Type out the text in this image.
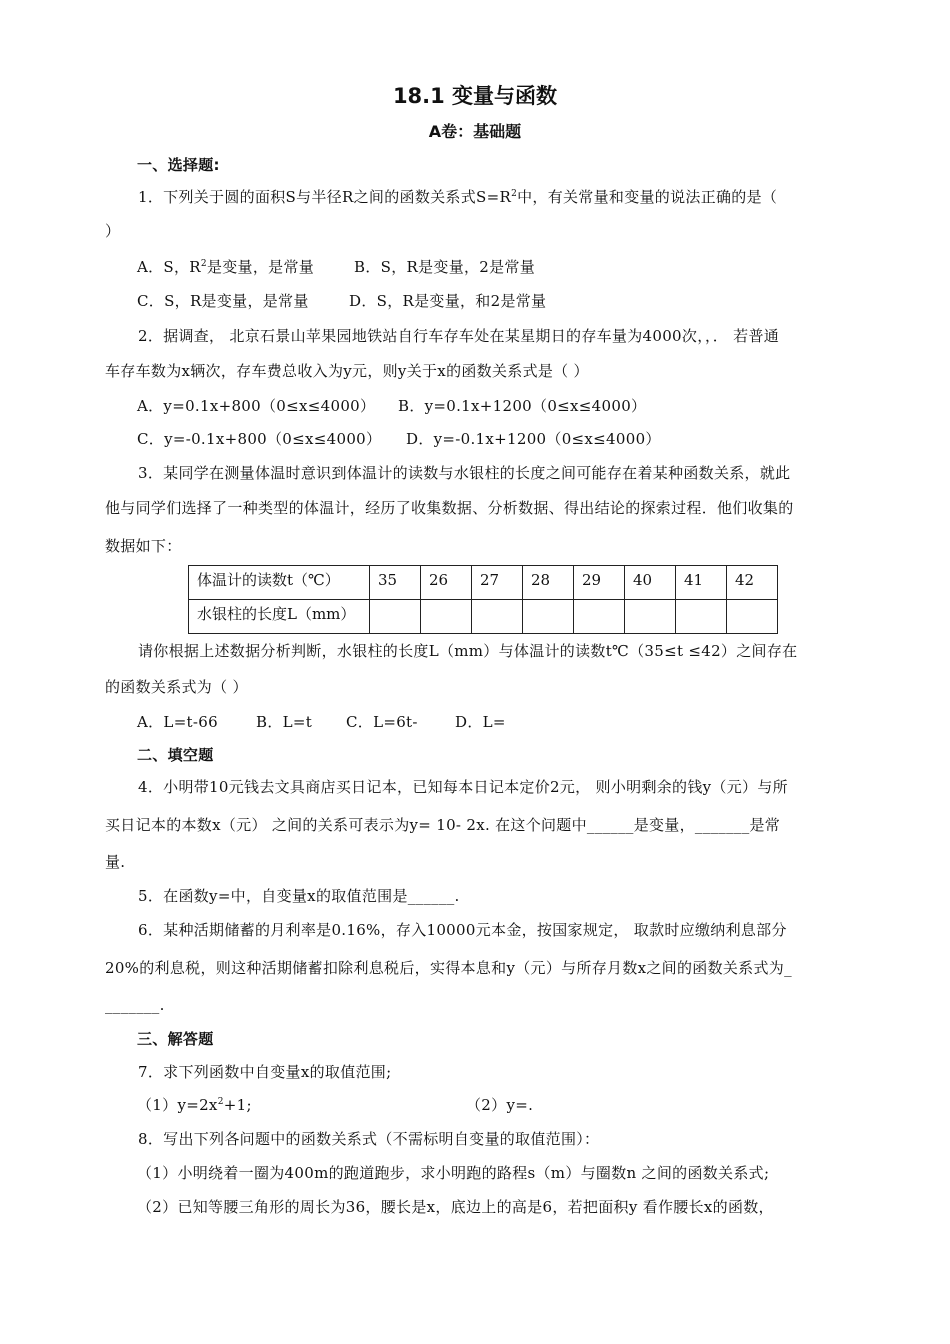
18.1 变量与函数
A卷：基础题
一、选择题:
1．下列关于圆的面积S与半径R之间的函数关系式$S=R^2$中，有关常量和变量的说法正确的是（
）
A．S，$R^2$是变量，是常量	B．S，R是变量，2是常量
C．S，R是变量，是常量	D．S，R是变量，和2是常量
2．据调查， 北京石景山苹果园地铁站自行车存车处在某星期日的存车量为4000次，，． 若普通
车存车数为x辆次，存车费总收入为y元，则y关于x的函数关系式是（ ）
A．y=0.1x+800（0≤x≤4000）	B．y=0.1x+1200（0≤x≤4000）
C．y=-0.1x+800（0≤x≤4000）	D．y=-0.1x+1200（0≤x≤4000）
3．某同学在测量体温时意识到体温计的读数与水银柱的长度之间可能存在着某种函数关系，就此
他与同学们选择了一种类型的体温计，经历了收集数据、分析数据、得出结论的探索过程．他们收集的
数据如下：
体温计的读数t（℃）	35	26	27	28	29	40	41	42
水银柱的长度L（mm）								
请你根据上述数据分析判断，水银柱的长度L（mm）与体温计的读数t℃（35≤t ≤42）之间存在
的函数关系式为（ ）
A．L=t-66	B．L=t	C．L=6t-	D．L=
二、填空题
4．小明带10元钱去文具商店买日记本，已知每本日记本定价2元， 则小明剩余的钱y（元）与所
买日记本的本数x（元） 之间的关系可表示为y= 10- 2x. 在这个问题中______是变量，_______是常
量.
5．在函数y=中，自变量x的取值范围是______.
6．某种活期储蓄的月利率是0.16%，存入10000元本金，按国家规定， 取款时应缴纳利息部分
20%的利息税，则这种活期储蓄扣除利息税后，实得本息和y（元）与所存月数x之间的函数关系式为_
_______.
三、解答题
7．求下列函数中自变量x的取值范围;
$(1)y=2x^2+1$;	（2）y=.
8．写出下列各问题中的函数关系式（不需标明自变量的取值范围）：
（1）小明绕着一圈为400m的跑道跑步，求小明跑的路程s（m）与圈数n 之间的函数关系式;
（2）已知等腰三角形的周长为36，腰长是x，底边上的高是6，若把面积y 看作腰长x的函数，
